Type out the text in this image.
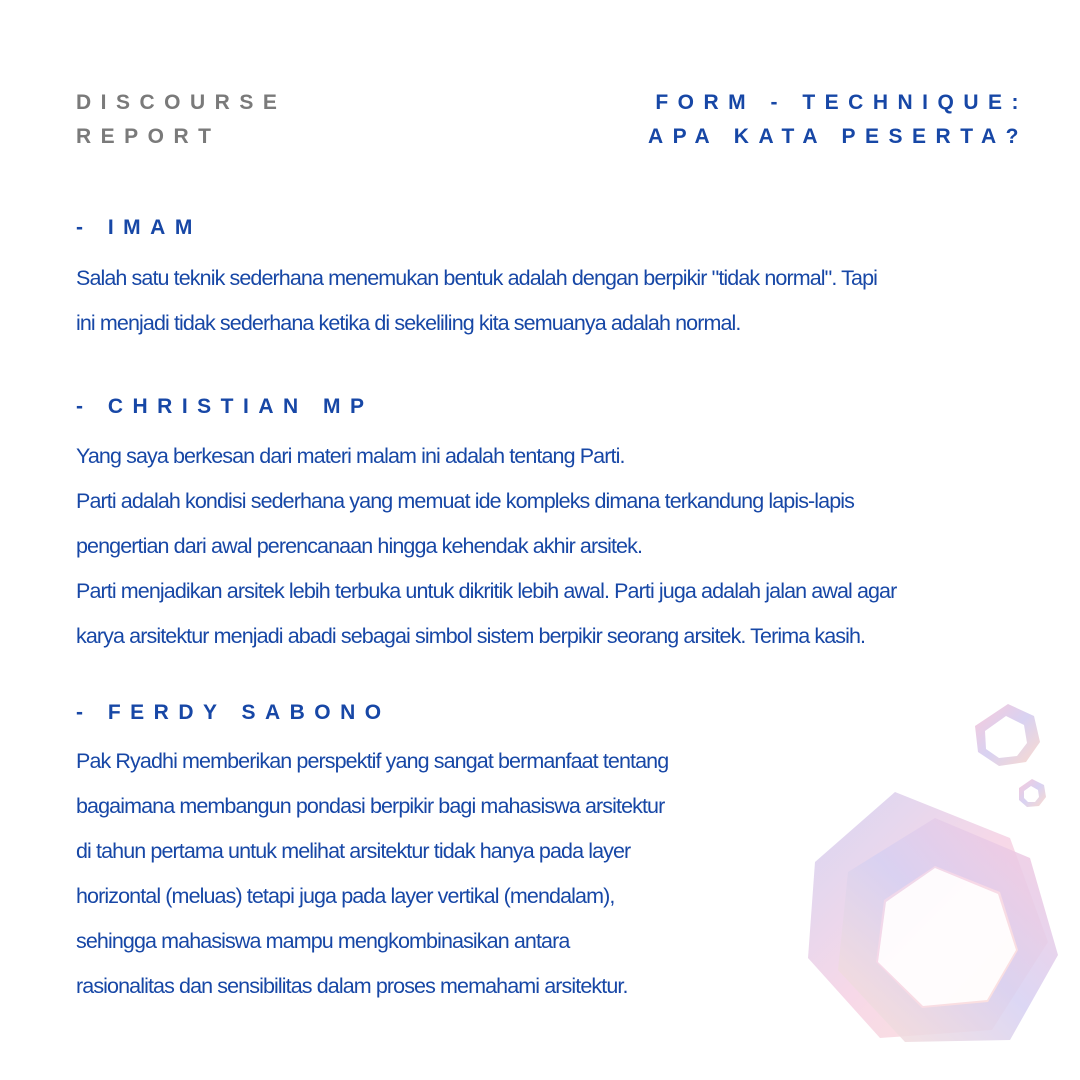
DISCOURSE
REPORT
FORM - TECHNIQUE:
APA KATA PESERTA?
- IMAM
Salah satu teknik sederhana menemukan bentuk adalah dengan berpikir "tidak normal". Tapi
ini menjadi tidak sederhana ketika di sekeliling kita semuanya adalah normal.
- CHRISTIAN MP
Yang saya berkesan dari materi malam ini adalah tentang Parti.
Parti adalah kondisi sederhana yang memuat ide kompleks dimana terkandung lapis-lapis
pengertian dari awal perencanaan hingga kehendak akhir arsitek.
Parti menjadikan arsitek lebih terbuka untuk dikritik lebih awal. Parti juga adalah jalan awal agar
karya arsitektur menjadi abadi sebagai simbol sistem berpikir seorang arsitek. Terima kasih.
- FERDY SABONO
Pak Ryadhi memberikan perspektif yang sangat bermanfaat tentang
bagaimana membangun pondasi berpikir bagi mahasiswa arsitektur
di tahun pertama untuk melihat arsitektur tidak hanya pada layer
horizontal (meluas) tetapi juga pada layer vertikal (mendalam),
sehingga mahasiswa mampu mengkombinasikan antara
rasionalitas dan sensibilitas dalam proses memahami arsitektur.
